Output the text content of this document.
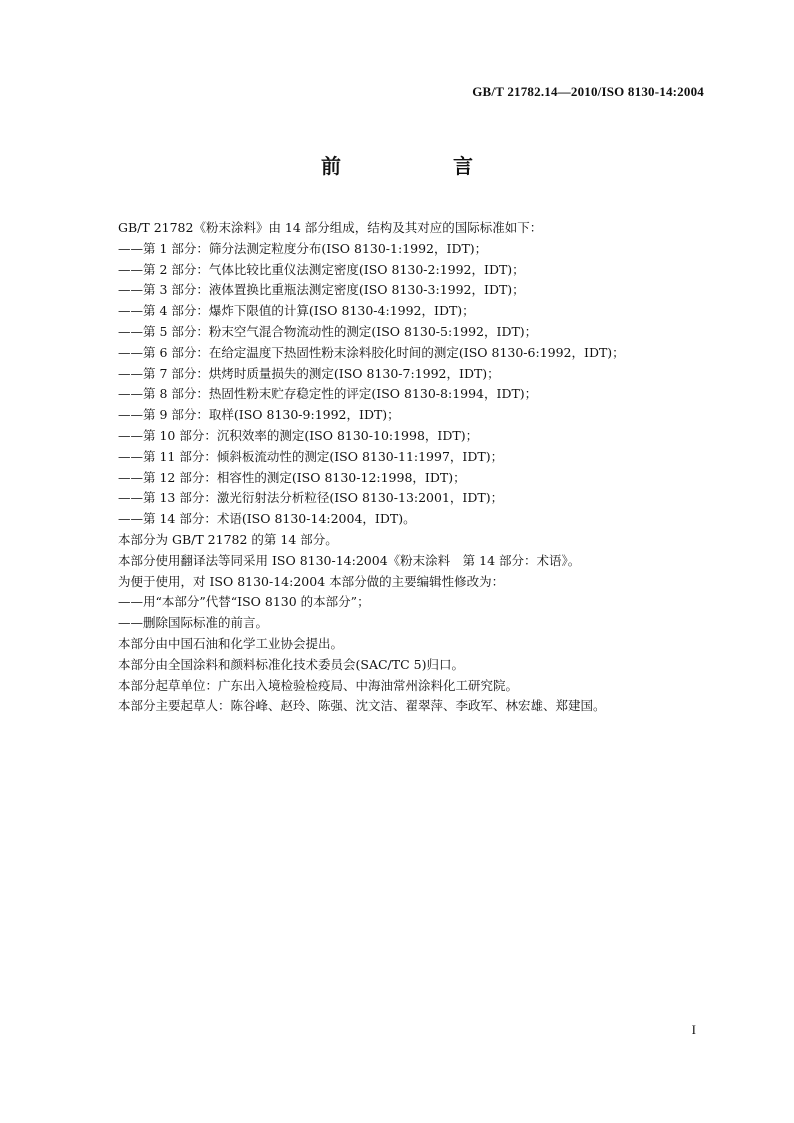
GB/T 21782.14—2010/ISO 8130-14:2004
前　言
GB/T 21782《粉末涂料》由 14 部分组成，结构及其对应的国际标准如下：
——第 1 部分：筛分法测定粒度分布(ISO 8130-1:1992，IDT)；
——第 2 部分：气体比较比重仪法测定密度(ISO 8130-2:1992，IDT)；
——第 3 部分：液体置换比重瓶法测定密度(ISO 8130-3:1992，IDT)；
——第 4 部分：爆炸下限值的计算(ISO 8130-4:1992，IDT)；
——第 5 部分：粉末空气混合物流动性的测定(ISO 8130-5:1992，IDT)；
——第 6 部分：在给定温度下热固性粉末涂料胶化时间的测定(ISO 8130-6:1992，IDT)；
——第 7 部分：烘烤时质量损失的测定(ISO 8130-7:1992，IDT)；
——第 8 部分：热固性粉末贮存稳定性的评定(ISO 8130-8:1994，IDT)；
——第 9 部分：取样(ISO 8130-9:1992，IDT)；
——第 10 部分：沉积效率的测定(ISO 8130-10:1998，IDT)；
——第 11 部分：倾斜板流动性的测定(ISO 8130-11:1997，IDT)；
——第 12 部分：相容性的测定(ISO 8130-12:1998，IDT)；
——第 13 部分：激光衍射法分析粒径(ISO 8130-13:2001，IDT)；
——第 14 部分：术语(ISO 8130-14:2004，IDT)。
本部分为 GB/T 21782 的第 14 部分。
本部分使用翻译法等同采用 ISO 8130-14:2004《粉末涂料　第 14 部分：术语》。
为便于使用，对 ISO 8130-14:2004 本部分做的主要编辑性修改为：
——用“本部分”代替“ISO 8130 的本部分”；
——删除国际标准的前言。
本部分由中国石油和化学工业协会提出。
本部分由全国涂料和颜料标准化技术委员会(SAC/TC 5)归口。
本部分起草单位：广东出入境检验检疫局、中海油常州涂料化工研究院。
本部分主要起草人：陈谷峰、赵玲、陈强、沈文洁、翟翠萍、李政军、林宏雄、郑建国。
I
